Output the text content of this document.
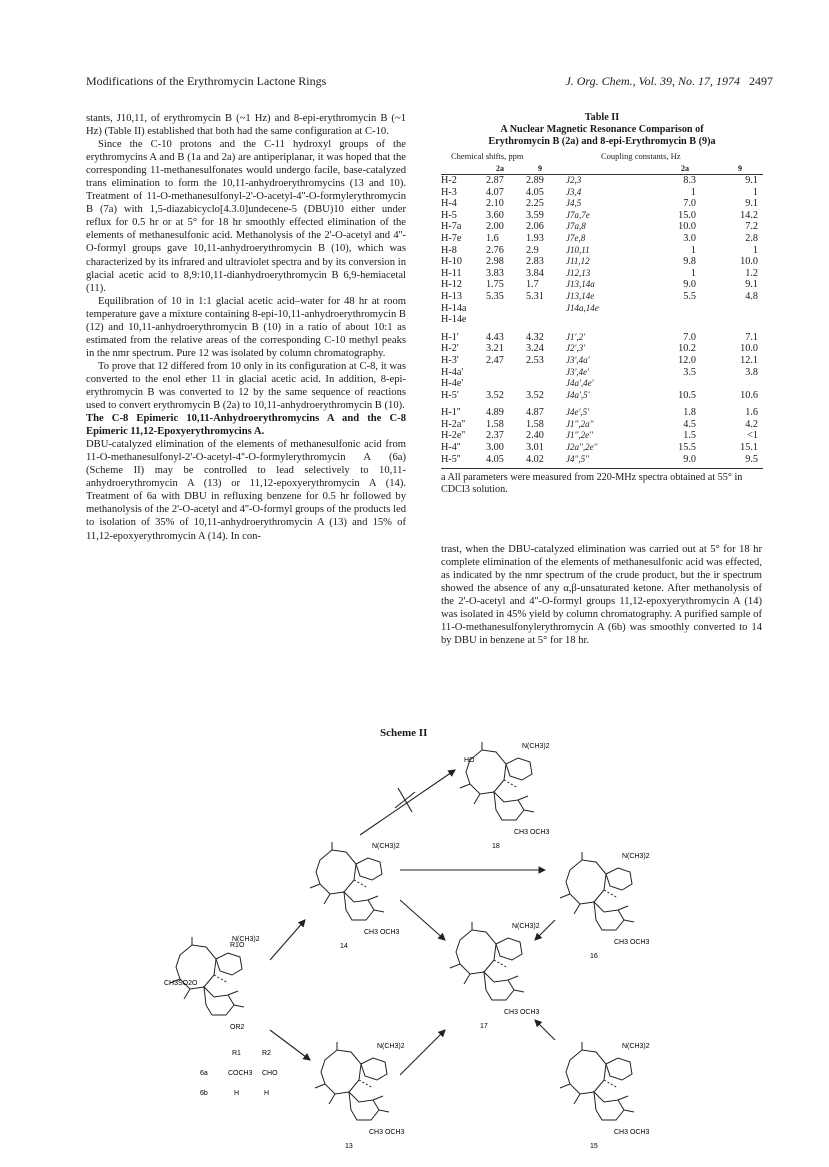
Modifications of the Erythromycin Lactone Rings	J. Org. Chem., Vol. 39, No. 17, 1974 2497

stants, J10,11, of erythromycin B (~1 Hz) and 8-epi-erythromycin B (~1 Hz) (Table II) established that both had the same configuration at C-10.

Since the C-10 protons and the C-11 hydroxyl groups of the erythromycins A and B (1a and 2a) are antiperiplanar, it was hoped that the corresponding 11-methanesulfonates would undergo facile, base-catalyzed trans elimination to form the 10,11-anhydroerythromycins (13 and 10). Treatment of 11-O-methanesulfonyl-2'-O-acetyl-4''-O-formylerythromycin B (7a) with 1,5-diazabicyclo[4.3.0]undecene-5 (DBU)10 either under reflux for 0.5 hr or at 5° for 18 hr smoothly effected elimination of the elements of methanesulfonic acid. Methanolysis of the 2'-O-acetyl and 4''-O-formyl groups gave 10,11-anhydroerythromycin B (10), which was characterized by its infrared and ultraviolet spectra and by its conversion in glacial acetic acid to 8,9:10,11-dianhydroerythromycin B 6,9-hemiacetal (11).

Equilibration of 10 in 1:1 glacial acetic acid–water for 48 hr at room temperature gave a mixture containing 8-epi-10,11-anhydroerythromycin B (12) and 10,11-anhydroerythromycin B (10) in a ratio of about 10:1 as estimated from the relative areas of the corresponding C-10 methyl peaks in the nmr spectrum. Pure 12 was isolated by column chromatography.

To prove that 12 differed from 10 only in its configuration at C-8, it was converted to the enol ether 11 in glacial acetic acid. In addition, 8-epi-erythromycin B was converted to 12 by the same sequence of reactions used to convert erythromycin B (2a) to 10,11-anhydroerythromycin B (10).

The C-8 Epimeric 10,11-Anhydroerythromycins A and the C-8 Epimeric 11,12-Epoxyerythromycins A.

DBU-catalyzed elimination of the elements of methanesulfonic acid from 11-O-methanesulfonyl-2'-O-acetyl-4''-O-formylerythromycin A (6a) (Scheme II) may be controlled to lead selectively to 10,11-anhydroerythromycin A (13) or 11,12-epoxyerythromycin A (14). Treatment of 6a with DBU in refluxing benzene for 0.5 hr followed by methanolysis of the 2'-O-acetyl and 4''-O-formyl groups of the products led to isolation of 35% of 10,11-anhydroerythromycin A (13) and 15% of 11,12-epoxyerythromycin A (14). In con-

Table II
A Nuclear Magnetic Resonance Comparison of
Erythromycin B (2a) and 8-epi-Erythromycin B (9)a
Chemical shifts, ppm	Coupling constants, Hz
2a	9	2a	9
H-2	2.87 2.89 J2,3	8.3	9.1
H-3	4.07 4.05 J3,4	1	1
H-4	2.10 2.25 J4,5	7.0	9.1
H-5	3.60 3.59 J7a,7e	15.0	14.2
H-7a 2.00 2.06 J7a,8	10.0	7.2
H-7e 1.6	1.93 J7e,8	3.0	2.8
H-8	2.76 2.9	J10,11	1	1
H-10 2.98 2.83 J11,12	9.8	10.0
H-11 3.83 3.84 J12,13	1	1.2
H-12 1.75 1.7	J13,14a	9.0	9.1
H-13 5.35 5.31 J13,14e	5.5	4.8
H-14a	J14a,14e
H-14e
H-1'	4.43 4.32 J1',2'	7.0	7.1
H-2'	3.21 3.24 J2',3'	10.2	10.0
H-3'	2.47 2.53 J3',4a'	12.0	12.1
H-4a'	J3',4e'	3.5	3.8
H-4e'	J4a',4e'
H-5'	3.52 3.52 J4a',5'	10.5	10.6
H-1'' 4.89 4.87 J4e',5'	1.8	1.6
H-2a'' 1.58 1.58 J1'',2a''	4.5	4.2
H-2e'' 2.37 2.40 J1'',2e''	1.5	<1
H-4'' 3.00 3.01 J2a'',2e''	15.5	15.1
H-5'' 4.05 4.02 J4'',5''	9.0	9.5
a All parameters were measured from 220-MHz spectra obtained at 55° in CDCl3 solution.

trast, when the DBU-catalyzed elimination was carried out at 5° for 18 hr complete elimination of the elements of methanesulfonic acid was effected, as indicated by the nmr spectrum of the crude product, but the ir spectrum showed the absence of any α,β-unsaturated ketone. After methanolysis of the 2'-O-acetyl and 4''-O-formyl groups 11,12-epoxyerythromycin A (14) was isolated in 45% yield by column chromatography. A purified sample of 11-O-methanesulfonylerythromycin A (6b) was smoothly converted to 14 by DBU in benzene at 5° for 18 hr.

Scheme II
HO
N(CH3)2
CH3 OCH3
18
N(CH3)2
CH3 OCH3
14
N(CH3)2
CH3 OCH3
16
N(CH3)2
CH3SO2O
OR2
R1O
R1	R2
6a	COCH3 CHO
6b	H	H
N(CH3)2
CH3 OCH3
17
N(CH3)2
CH3 OCH3
13
N(CH3)2
CH3 OCH3
15
